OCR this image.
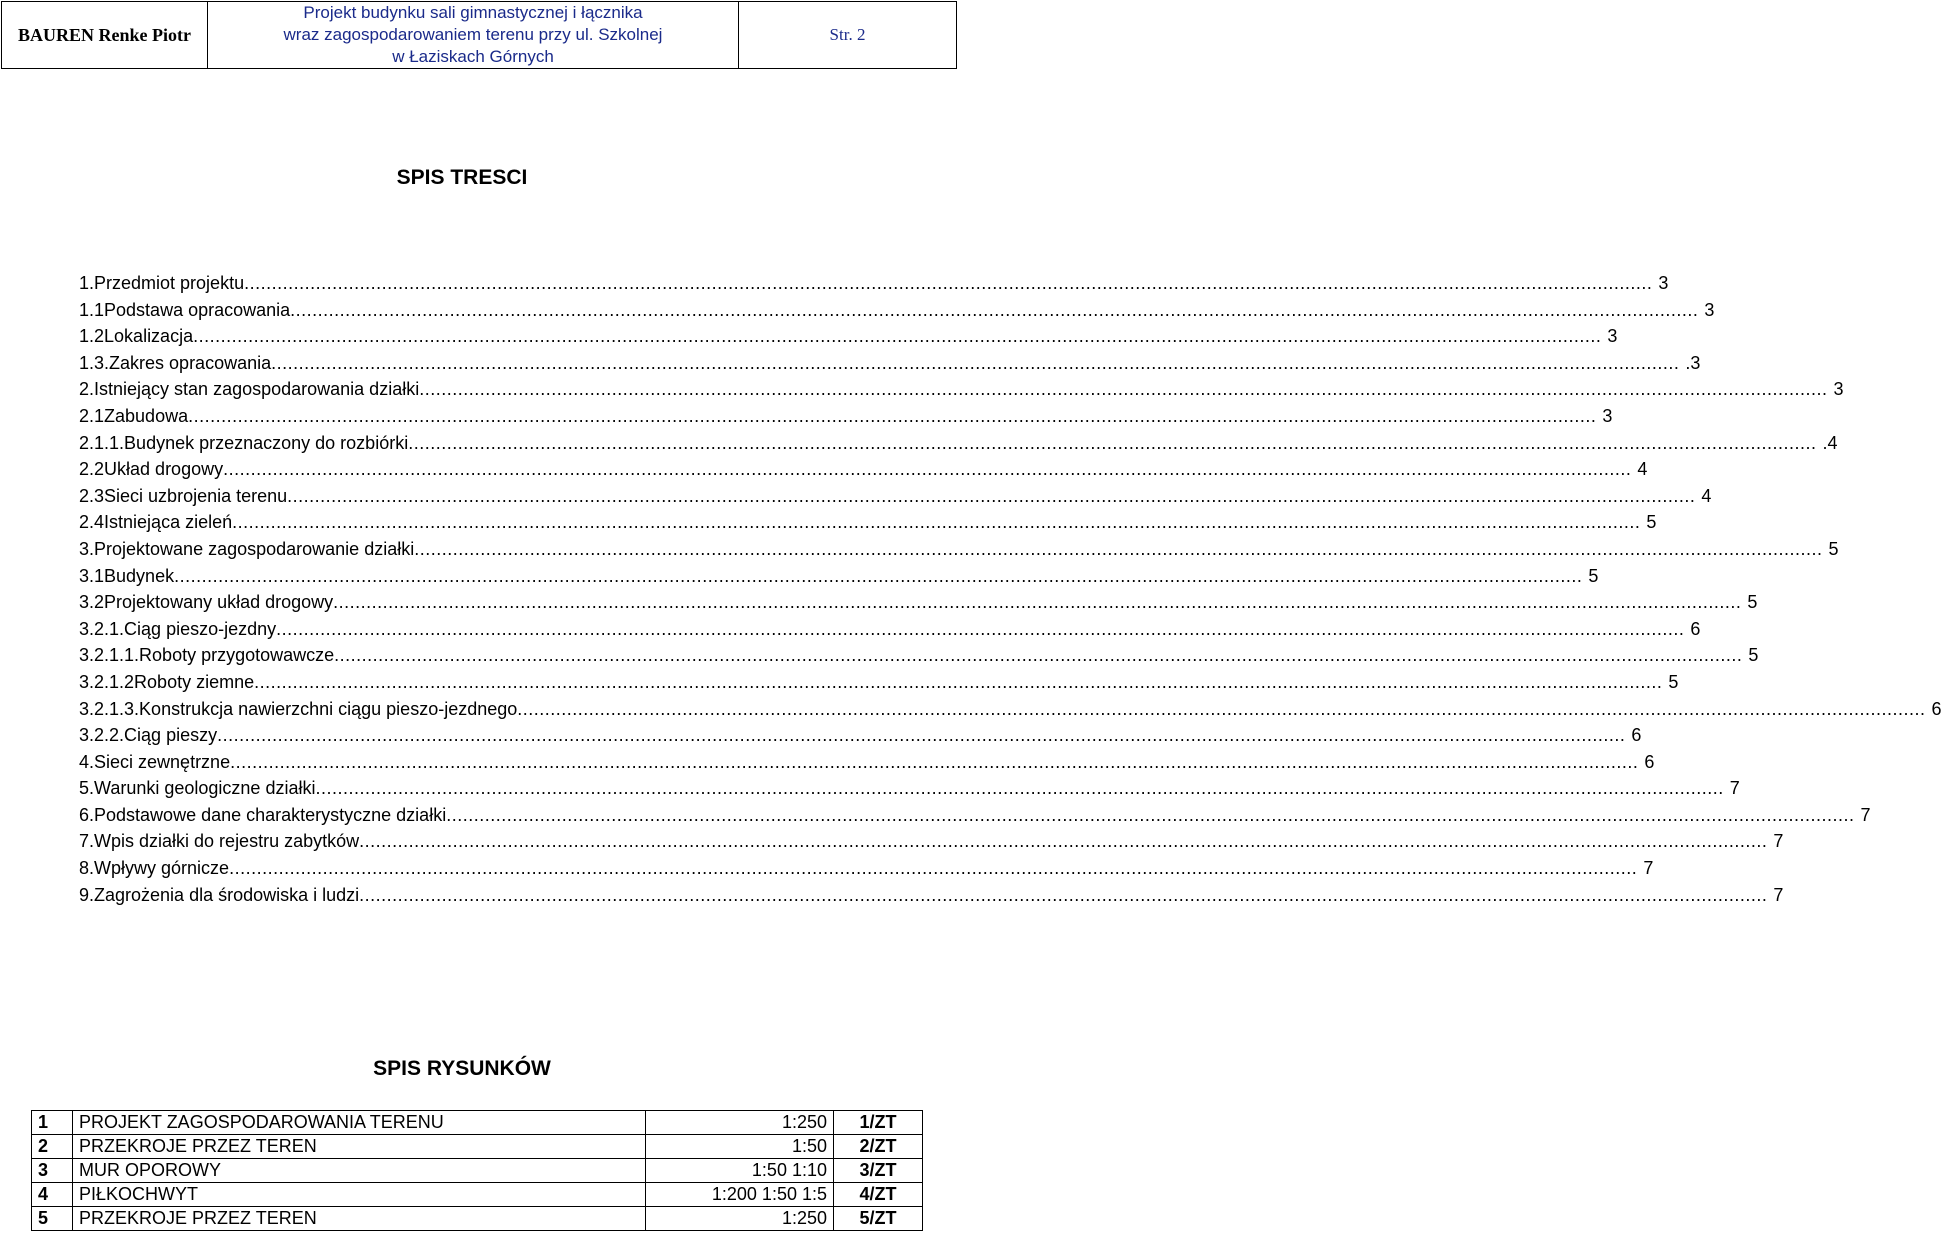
BAUREN Renke Piotr	
Projekt budynku sali gimnastycznej i łącznika
wraz zagospodarowaniem terenu przy ul. Szkolnej
w Łaziskach Górnych
	Str. 2
SPIS TRESCI
1. Przedmiot projektu .....	3
1.1 Podstawa opracowania .....	3
1.2 Lokalizacja .....	3
1.3. Zakres opracowania .....	.3
2. Istniejący stan zagospodarowania działki .....	3
2.1 Zabudowa .....	3
2.1.1. Budynek przeznaczony do rozbiórki .....	.4
2.2 Układ drogowy .....	4
2.3 Sieci uzbrojenia terenu .....	4
2.4 Istniejąca zieleń .....	5
3. Projektowane zagospodarowanie działki .....	5
3.1 Budynek .....	5
3.2 Projektowany układ drogowy .....	5
3.2.1. Ciąg pieszo-jezdny .....	6
3.2.1.1. Roboty przygotowawcze .....	5
3.2.1.2 Roboty ziemne .....	5
3.2.1.3. Konstrukcja nawierzchni ciągu pieszo-jezdnego .....	6
3.2.2. Ciąg pieszy .....	6
4. Sieci zewnętrzne .....	6
5. Warunki geologiczne działki .....	7
6. Podstawowe dane charakterystyczne działki .....	7
7. Wpis działki do rejestru zabytków .....	7
8. Wpływy górnicze .....	7
9. Zagrożenia dla środowiska i ludzi .....	7
SPIS RYSUNKÓW
1	PROJEKT ZAGOSPODAROWANIA TERENU	1:250	1/ZT
2	PRZEKROJE PRZEZ TEREN	1:50	2/ZT
3	MUR OPOROWY	1:50 1:10	3/ZT
4	PIŁKOCHWYT	1:200 1:50 1:5	4/ZT
5	PRZEKROJE PRZEZ TEREN	1:250	5/ZT
